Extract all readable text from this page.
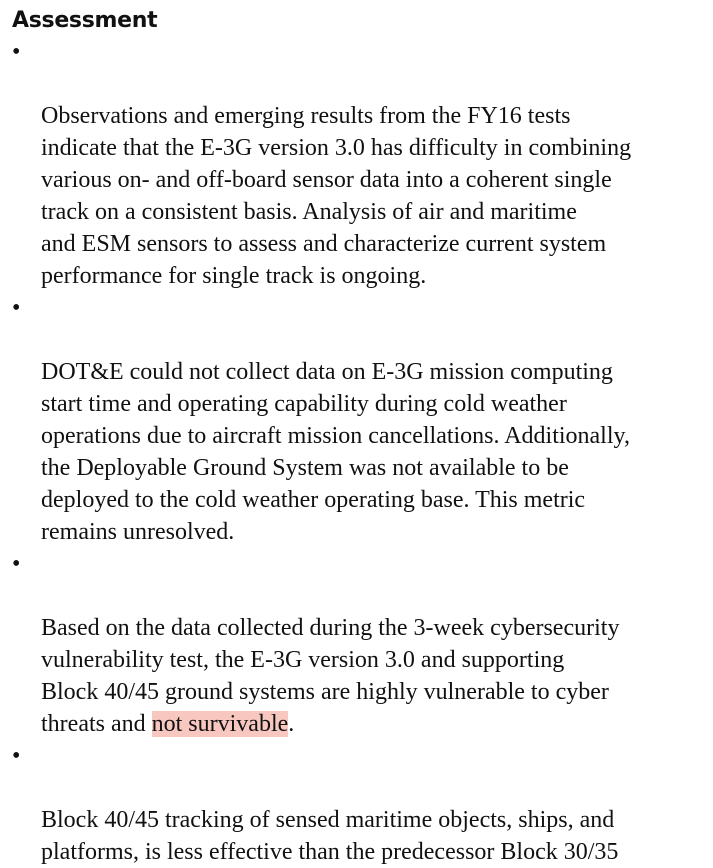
Assessment

•

Observations and emerging results from the FY16 tests
indicate that the E-3G version 3.0 has difficulty in combining
various on- and off-board sensor data into a coherent single
track on a consistent basis. Analysis of air and maritime
and ESM sensors to assess and characterize current system
performance for single track is ongoing.

•

DOT&E could not collect data on E-3G mission computing
start time and operating capability during cold weather
operations due to aircraft mission cancellations. Additionally,
the Deployable Ground System was not available to be
deployed to the cold weather operating base. This metric
remains unresolved.

•

Based on the data collected during the 3-week cybersecurity
vulnerability test, the E-3G version 3.0 and supporting
Block 40/45 ground systems are highly vulnerable to cyber
threats and not survivable.

•

Block 40/45 tracking of sensed maritime objects, ships, and
platforms, is less effective than the predecessor Block 30/35
